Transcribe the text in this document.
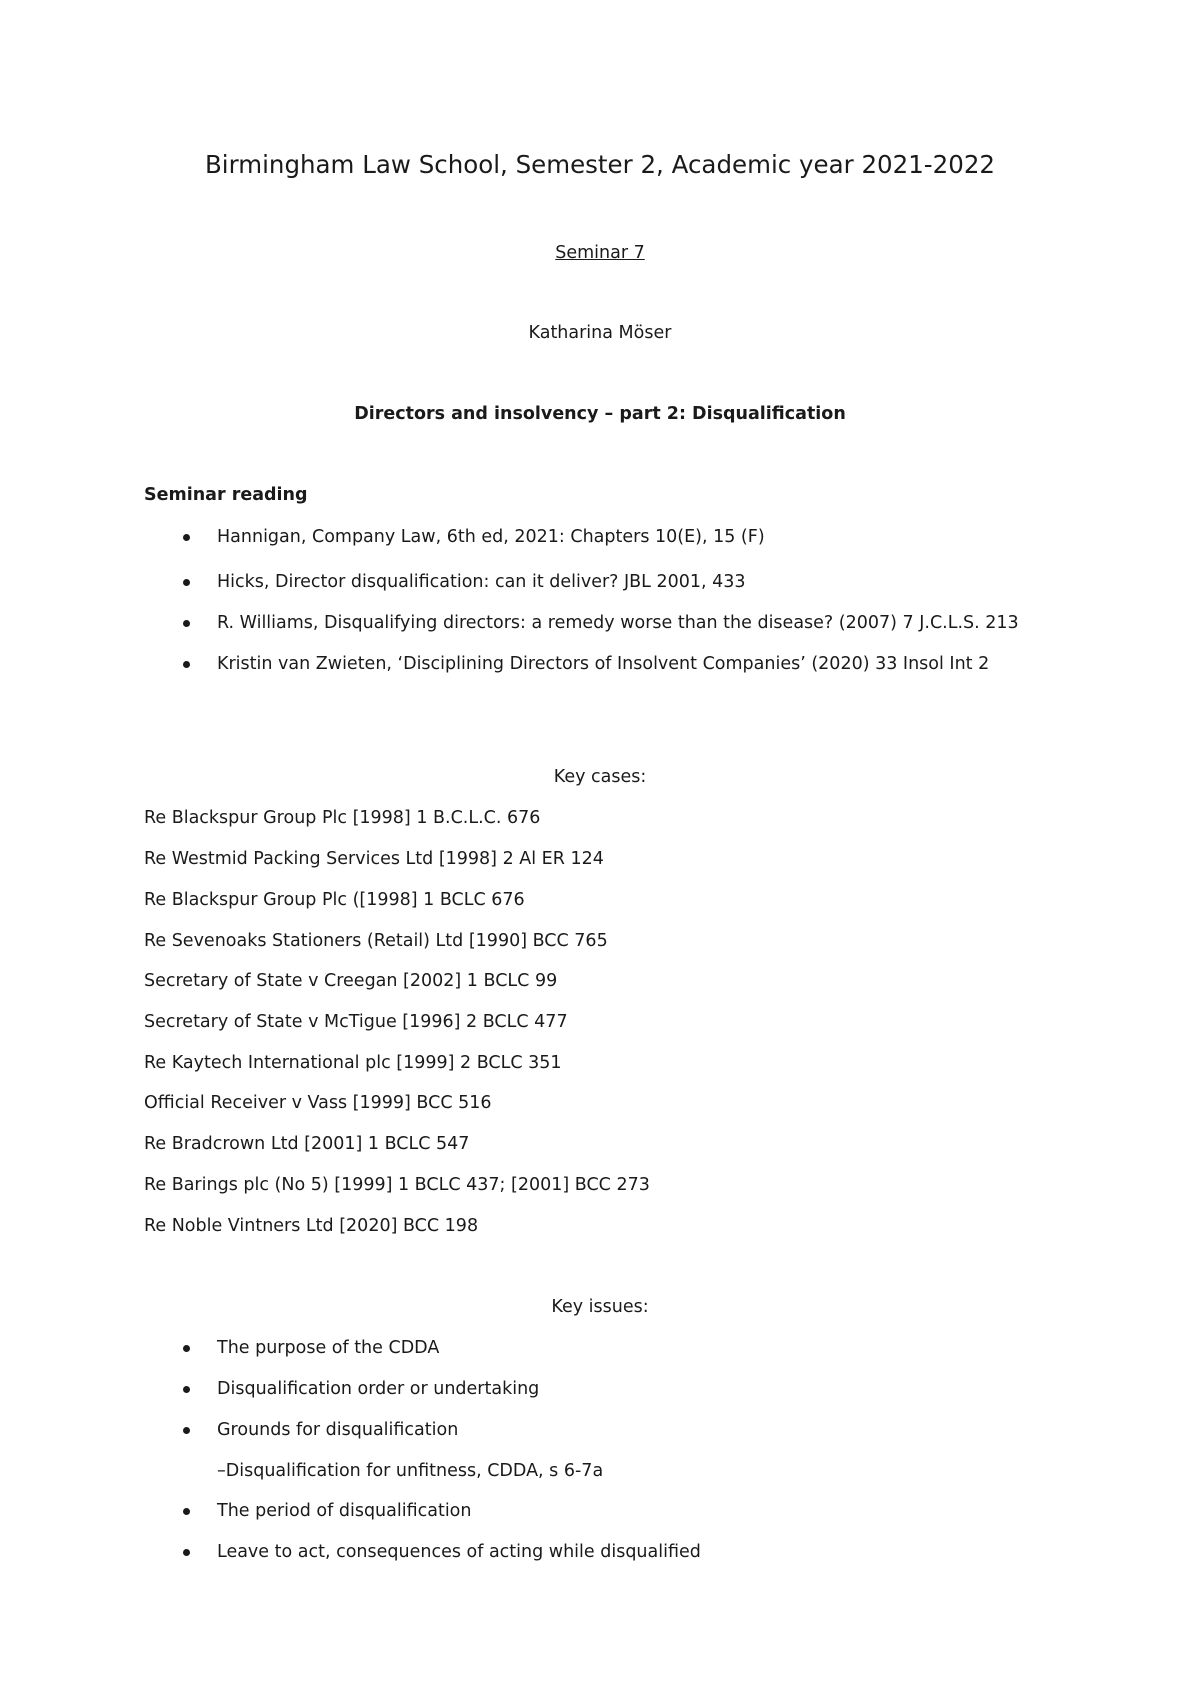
Birmingham Law School, Semester 2, Academic year 2021-2022
Seminar 7
Katharina Möser
Directors and insolvency – part 2: Disqualification
Seminar reading
Hannigan, Company Law, 6th ed, 2021: Chapters 10(E), 15 (F)
Hicks, Director disqualification: can it deliver? JBL 2001, 433
R. Williams, Disqualifying directors: a remedy worse than the disease? (2007) 7 J.C.L.S. 213
Kristin van Zwieten, ‘Disciplining Directors of Insolvent Companies’ (2020) 33 Insol Int 2
Key cases:
Re Blackspur Group Plc [1998] 1 B.C.L.C. 676
Re Westmid Packing Services Ltd [1998] 2 Al ER 124
Re Blackspur Group Plc ([1998] 1 BCLC 676
Re Sevenoaks Stationers (Retail) Ltd [1990] BCC 765
Secretary of State v Creegan [2002] 1 BCLC 99
Secretary of State v McTigue [1996] 2 BCLC 477
Re Kaytech International plc [1999] 2 BCLC 351
Official Receiver v Vass [1999] BCC 516
Re Bradcrown Ltd [2001] 1 BCLC 547
Re Barings plc (No 5) [1999] 1 BCLC 437; [2001] BCC 273
Re Noble Vintners Ltd [2020] BCC 198
Key issues:
The purpose of the CDDA
Disqualification order or undertaking
Grounds for disqualification
–Disqualification for unfitness, CDDA, s 6-7a
The period of disqualification
Leave to act, consequences of acting while disqualified
